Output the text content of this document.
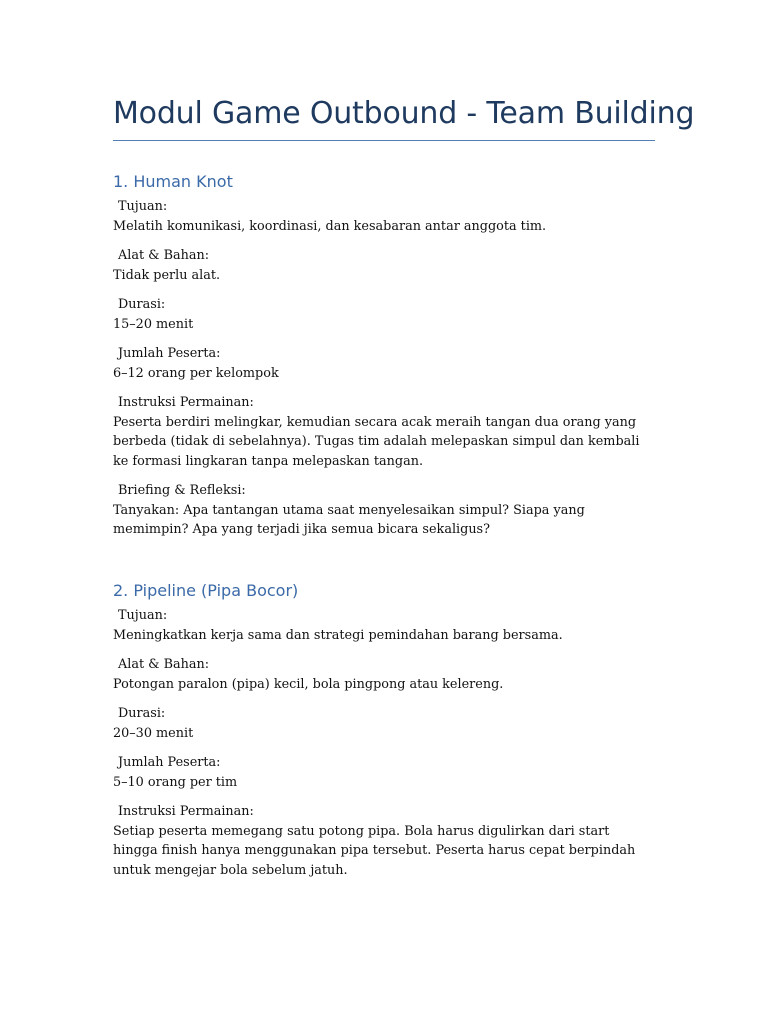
Modul Game Outbound - Team Building
1. Human Knot
Tujuan:
Melatih komunikasi, koordinasi, dan kesabaran antar anggota tim.
Alat & Bahan:
Tidak perlu alat.
Durasi:
15–20 menit
Jumlah Peserta:
6–12 orang per kelompok
Instruksi Permainan:
Peserta berdiri melingkar, kemudian secara acak meraih tangan dua orang yang berbeda (tidak di sebelahnya). Tugas tim adalah melepaskan simpul dan kembali ke formasi lingkaran tanpa melepaskan tangan.
Briefing & Refleksi:
Tanyakan: Apa tantangan utama saat menyelesaikan simpul? Siapa yang memimpin? Apa yang terjadi jika semua bicara sekaligus?
2. Pipeline (Pipa Bocor)
Tujuan:
Meningkatkan kerja sama dan strategi pemindahan barang bersama.
Alat & Bahan:
Potongan paralon (pipa) kecil, bola pingpong atau kelereng.
Durasi:
20–30 menit
Jumlah Peserta:
5–10 orang per tim
Instruksi Permainan:
Setiap peserta memegang satu potong pipa. Bola harus digulirkan dari start hingga finish hanya menggunakan pipa tersebut. Peserta harus cepat berpindah untuk mengejar bola sebelum jatuh.
